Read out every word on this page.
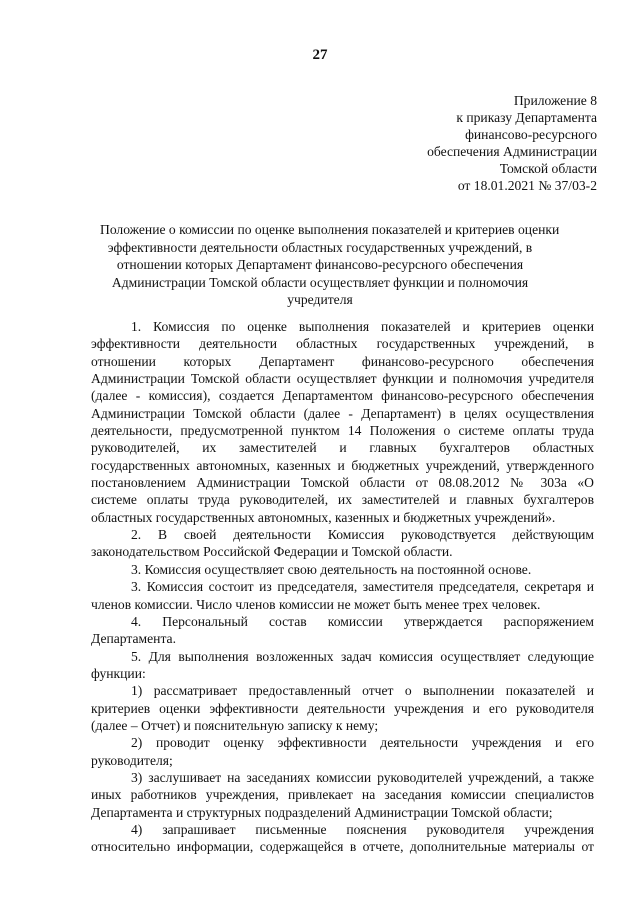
27
Приложение 8
к приказу Департамента
финансово-ресурсного
обеспечения Администрации
Томской области
от 18.01.2021 № 37/03-2
Положение о комиссии по оценке выполнения показателей и критериев оценки
эффективности деятельности областных государственных учреждений, в
отношении которых Департамент финансово-ресурсного обеспечения
Администрации Томской области осуществляет функции и полномочия
учредителя
1. Комиссия по оценке выполнения показателей и критериев оценки
эффективности деятельности областных государственных учреждений, в
отношении которых Департамент финансово-ресурсного обеспечения
Администрации Томской области осуществляет функции и полномочия учредителя
(далее - комиссия), создается Департаментом финансово-ресурсного обеспечения
Администрации Томской области (далее - Департамент) в целях осуществления
деятельности, предусмотренной пунктом 14 Положения о системе оплаты труда
руководителей, их заместителей и главных бухгалтеров областных
государственных автономных, казенных и бюджетных учреждений, утвержденного
постановлением Администрации Томской области от 08.08.2012 № 303а «О
системе оплаты труда руководителей, их заместителей и главных бухгалтеров
областных государственных автономных, казенных и бюджетных учреждений».
2. В своей деятельности Комиссия руководствуется действующим
законодательством Российской Федерации и Томской области.
3. Комиссия осуществляет свою деятельность на постоянной основе.
3. Комиссия состоит из председателя, заместителя председателя, секретаря и
членов комиссии. Число членов комиссии не может быть менее трех человек.
4. Персональный состав комиссии утверждается распоряжением
Департамента.
5. Для выполнения возложенных задач комиссия осуществляет следующие
функции:
1) рассматривает предоставленный отчет о выполнении показателей и
критериев оценки эффективности деятельности учреждения и его руководителя
(далее – Отчет) и пояснительную записку к нему;
2) проводит оценку эффективности деятельности учреждения и его
руководителя;
3) заслушивает на заседаниях комиссии руководителей учреждений, а также
иных работников учреждения, привлекает на заседания комиссии специалистов
Департамента и структурных подразделений Администрации Томской области;
4) запрашивает письменные пояснения руководителя учреждения
относительно информации, содержащейся в отчете, дополнительные материалы от
